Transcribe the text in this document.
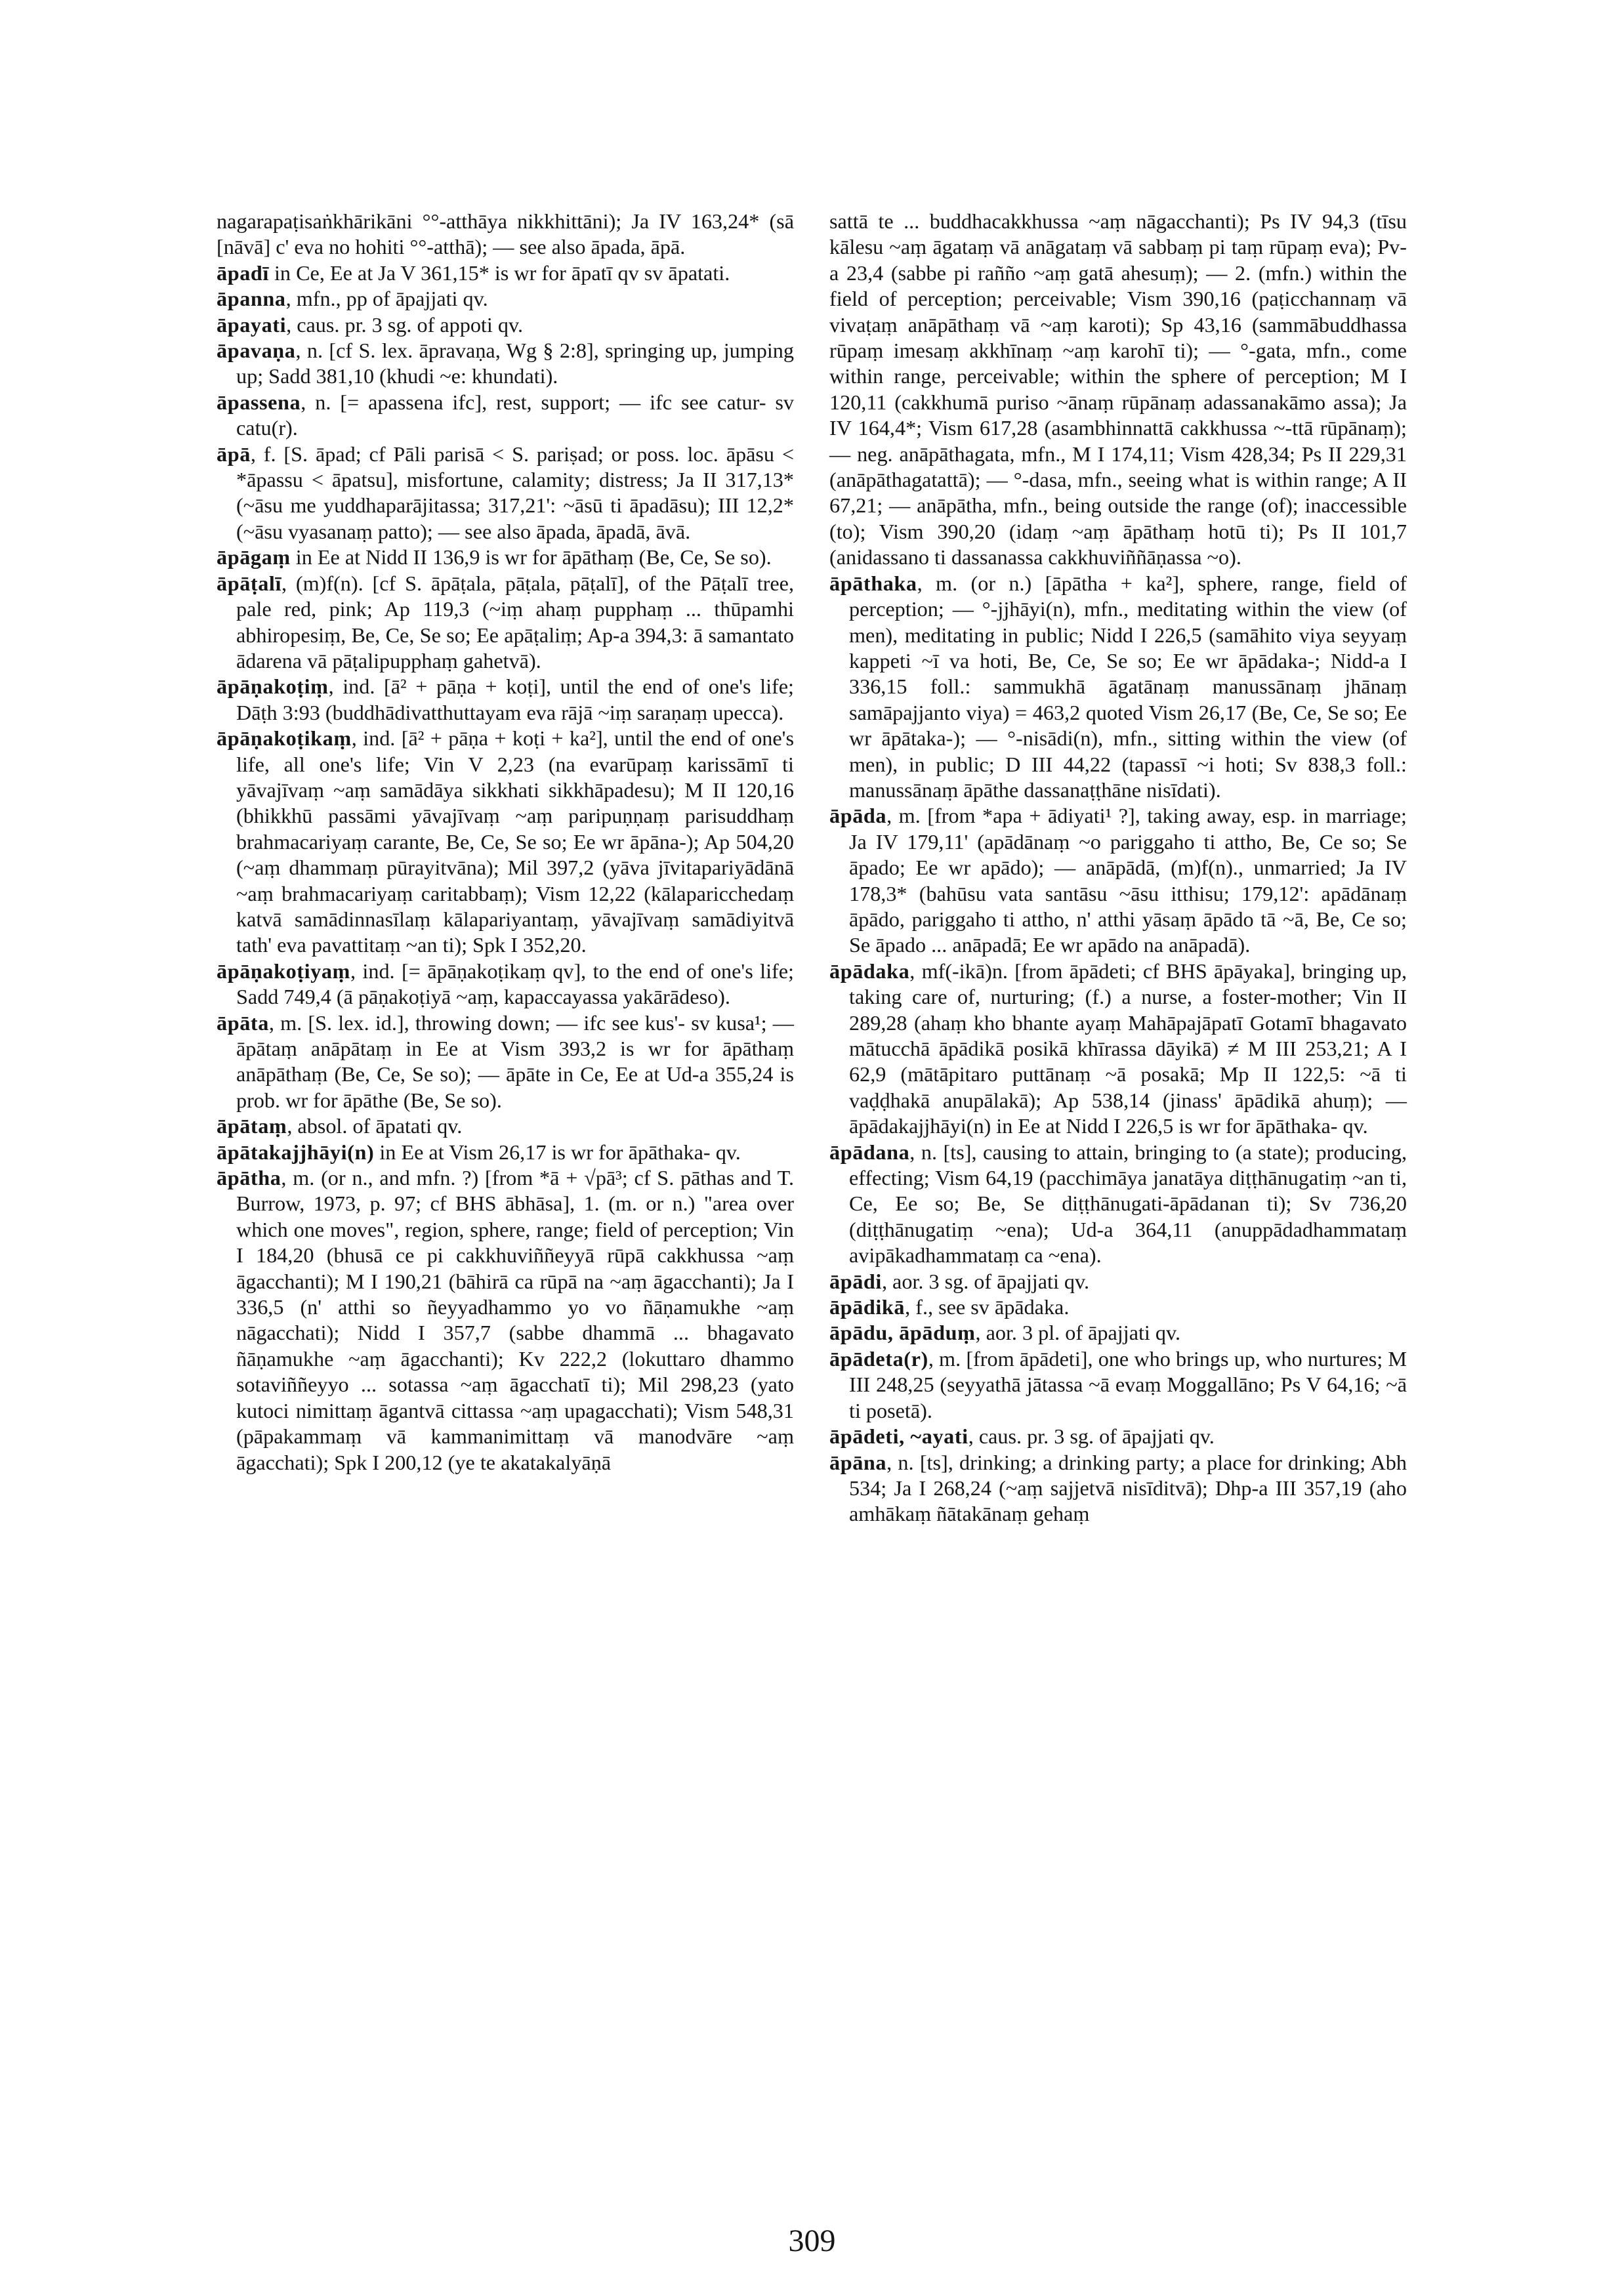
nagarapaṭisaṅkhārikāni °°-atthāya nikkhittāni); Ja IV 163,24* (sā [nāvā] c' eva no hohiti °°-atthā); — see also āpada, āpā.

āpadī in Ce, Ee at Ja V 361,15* is wr for āpatī qv sv āpatati.

āpanna, mfn., pp of āpajjati qv.

āpayati, caus. pr. 3 sg. of appoti qv.

āpavaṇa, n. [cf S. lex. āpravaṇa, Wg § 2:8], springing up, jumping up; Sadd 381,10 (khudi ~e: khundati).

āpassena, n. [= apassena ifc], rest, support; — ifc see catur- sv catu(r).

āpā, f. [S. āpad; cf Pāli parisā < S. pariṣad; or poss. loc. āpāsu < *āpassu < āpatsu], misfortune, calamity; distress; Ja II 317,13* (~āsu me yuddhaparājitassa; 317,21': ~āsū ti āpadāsu); III 12,2* (~āsu vyasanaṃ patto); — see also āpada, āpadā, āvā.

āpāgaṃ in Ee at Nidd II 136,9 is wr for āpāthaṃ (Be, Ce, Se so).

āpāṭalī, (m)f(n). [cf S. āpāṭala, pāṭala, pāṭalī], of the Pāṭalī tree, pale red, pink; Ap 119,3 (~iṃ ahaṃ pupphaṃ ... thūpamhi abhiropesiṃ, Be, Ce, Se so; Ee apāṭaliṃ; Ap-a 394,3: ā samantato ādarena vā pāṭalipupphaṃ gahetvā).

āpāṇakoṭiṃ, ind. [ā² + pāṇa + koṭi], until the end of one's life; Dāṭh 3:93 (buddhādivatthuttayam eva rājā ~iṃ saraṇaṃ upecca).

āpāṇakoṭikaṃ, ind. [ā² + pāṇa + koṭi + ka²], until the end of one's life, all one's life; Vin V 2,23 (na evarūpaṃ karissāmī ti yāvajīvaṃ ~aṃ samādāya sikkhati sikkhāpadesu); M II 120,16 (bhikkhū passāmi yāvajīvaṃ ~aṃ paripuṇṇaṃ parisuddhaṃ brahmacariyaṃ carante, Be, Ce, Se so; Ee wr āpāna-); Ap 504,20 (~aṃ dhammaṃ pūrayitvāna); Mil 397,2 (yāva jīvitapariyādānā ~aṃ brahmacariyaṃ caritabbaṃ); Vism 12,22 (kālaparicchedaṃ katvā samādinnasīlaṃ kālapariyantaṃ, yāvajīvaṃ samādiyitvā tath' eva pavattitaṃ ~an ti); Spk I 352,20.

āpāṇakoṭiyaṃ, ind. [= āpāṇakoṭikaṃ qv], to the end of one's life; Sadd 749,4 (ā pāṇakoṭiyā ~aṃ, kapaccayassa yakārādeso).

āpāta, m. [S. lex. id.], throwing down; — ifc see kus'- sv kusa¹; — āpātaṃ anāpātaṃ in Ee at Vism 393,2 is wr for āpāthaṃ anāpāthaṃ (Be, Ce, Se so); — āpāte in Ce, Ee at Ud-a 355,24 is prob. wr for āpāthe (Be, Se so).

āpātaṃ, absol. of āpatati qv.

āpātakajjhāyi(n) in Ee at Vism 26,17 is wr for āpāthaka- qv.

āpātha, m. (or n., and mfn. ?) [from *ā + √pā³; cf S. pāthas and T. Burrow, 1973, p. 97; cf BHS ābhāsa], 1. (m. or n.) "area over which one moves", region, sphere, range; field of perception; Vin I 184,20 (bhusā ce pi cakkhuviññeyyā rūpā cakkhussa ~aṃ āgacchanti); M I 190,21 (bāhirā ca rūpā na ~aṃ āgacchanti); Ja I 336,5 (n' atthi so ñeyyadhammo yo vo ñāṇamukhe ~aṃ nāgacchati); Nidd I 357,7 (sabbe dhammā ... bhagavato ñāṇamukhe ~aṃ āgacchanti); Kv 222,2 (lokuttaro dhammo sotaviññeyyo ... sotassa ~aṃ āgacchatī ti); Mil 298,23 (yato kutoci nimittaṃ āgantvā cittassa ~aṃ upagacchati); Vism 548,31 (pāpakammaṃ vā kammanimittaṃ vā manodvāre ~aṃ āgacchati); Spk I 200,12 (ye te akatakalyāṇā

sattā te ... buddhacakkhussa ~aṃ nāgacchanti); Ps IV 94,3 (tīsu kālesu ~aṃ āgataṃ vā anāgataṃ vā sabbaṃ pi taṃ rūpaṃ eva); Pv-a 23,4 (sabbe pi rañño ~aṃ gatā ahesuṃ); — 2. (mfn.) within the field of perception; perceivable; Vism 390,16 (paṭicchannaṃ vā vivaṭaṃ anāpāthaṃ vā ~aṃ karoti); Sp 43,16 (sammābuddhassa rūpaṃ imesaṃ akkhīnaṃ ~aṃ karohī ti); — °-gata, mfn., come within range, perceivable; within the sphere of perception; M I 120,11 (cakkhumā puriso ~ānaṃ rūpānaṃ adassanakāmo assa); Ja IV 164,4*; Vism 617,28 (asambhinnattā cakkhussa ~-ttā rūpānaṃ); — neg. anāpāthagata, mfn., M I 174,11; Vism 428,34; Ps II 229,31 (anāpāthagatattā); — °-dasa, mfn., seeing what is within range; A II 67,21; — anāpātha, mfn., being outside the range (of); inaccessible (to); Vism 390,20 (idaṃ ~aṃ āpāthaṃ hotū ti); Ps II 101,7 (anidassano ti dassanassa cakkhuviññāṇassa ~o).

āpāthaka, m. (or n.) [āpātha + ka²], sphere, range, field of perception; — °-jjhāyi(n), mfn., meditating within the view (of men), meditating in public; Nidd I 226,5 (samāhito viya seyyaṃ kappeti ~ī va hoti, Be, Ce, Se so; Ee wr āpādaka-; Nidd-a I 336,15 foll.: sammukhā āgatānaṃ manussānaṃ jhānaṃ samāpajjanto viya) = 463,2 quoted Vism 26,17 (Be, Ce, Se so; Ee wr āpātaka-); — °-nisādi(n), mfn., sitting within the view (of men), in public; D III 44,22 (tapassī ~i hoti; Sv 838,3 foll.: manussānaṃ āpāthe dassanaṭṭhāne nisīdati).

āpāda, m. [from *apa + ādiyati¹ ?], taking away, esp. in marriage; Ja IV 179,11' (apādānaṃ ~o pariggaho ti attho, Be, Ce so; Se āpado; Ee wr apādo); — anāpādā, (m)f(n)., unmarried; Ja IV 178,3* (bahūsu vata santāsu ~āsu itthisu; 179,12': apādānaṃ āpādo, pariggaho ti attho, n' atthi yāsaṃ āpādo tā ~ā, Be, Ce so; Se āpado ... anāpadā; Ee wr apādo na anāpadā).

āpādaka, mf(-ikā)n. [from āpādeti; cf BHS āpāyaka], bringing up, taking care of, nurturing; (f.) a nurse, a foster-mother; Vin II 289,28 (ahaṃ kho bhante ayaṃ Mahāpajāpatī Gotamī bhagavato mātucchā āpādikā posikā khīrassa dāyikā) ≠ M III 253,21; A I 62,9 (mātāpitaro puttānaṃ ~ā posakā; Mp II 122,5: ~ā ti vaḍḍhakā anupālakā); Ap 538,14 (jinass' āpādikā ahuṃ); — āpādakajjhāyi(n) in Ee at Nidd I 226,5 is wr for āpāthaka- qv.

āpādana, n. [ts], causing to attain, bringing to (a state); producing, effecting; Vism 64,19 (pacchimāya janatāya diṭṭhānugatiṃ ~an ti, Ce, Ee so; Be, Se diṭṭhānugati-āpādanan ti); Sv 736,20 (diṭṭhānugatiṃ ~ena); Ud-a 364,11 (anuppādadhammataṃ avipākadhammataṃ ca ~ena).

āpādi, aor. 3 sg. of āpajjati qv.

āpādikā, f., see sv āpādaka.

āpādu, āpāduṃ, aor. 3 pl. of āpajjati qv.

āpādeta(r), m. [from āpādeti], one who brings up, who nurtures; M III 248,25 (seyyathā jātassa ~ā evaṃ Moggallāno; Ps V 64,16; ~ā ti posetā).

āpādeti, ~ayati, caus. pr. 3 sg. of āpajjati qv.

āpāna, n. [ts], drinking; a drinking party; a place for drinking; Abh 534; Ja I 268,24 (~aṃ sajjetvā nisīditvā); Dhp-a III 357,19 (aho amhākaṃ ñātakānaṃ gehaṃ

309
